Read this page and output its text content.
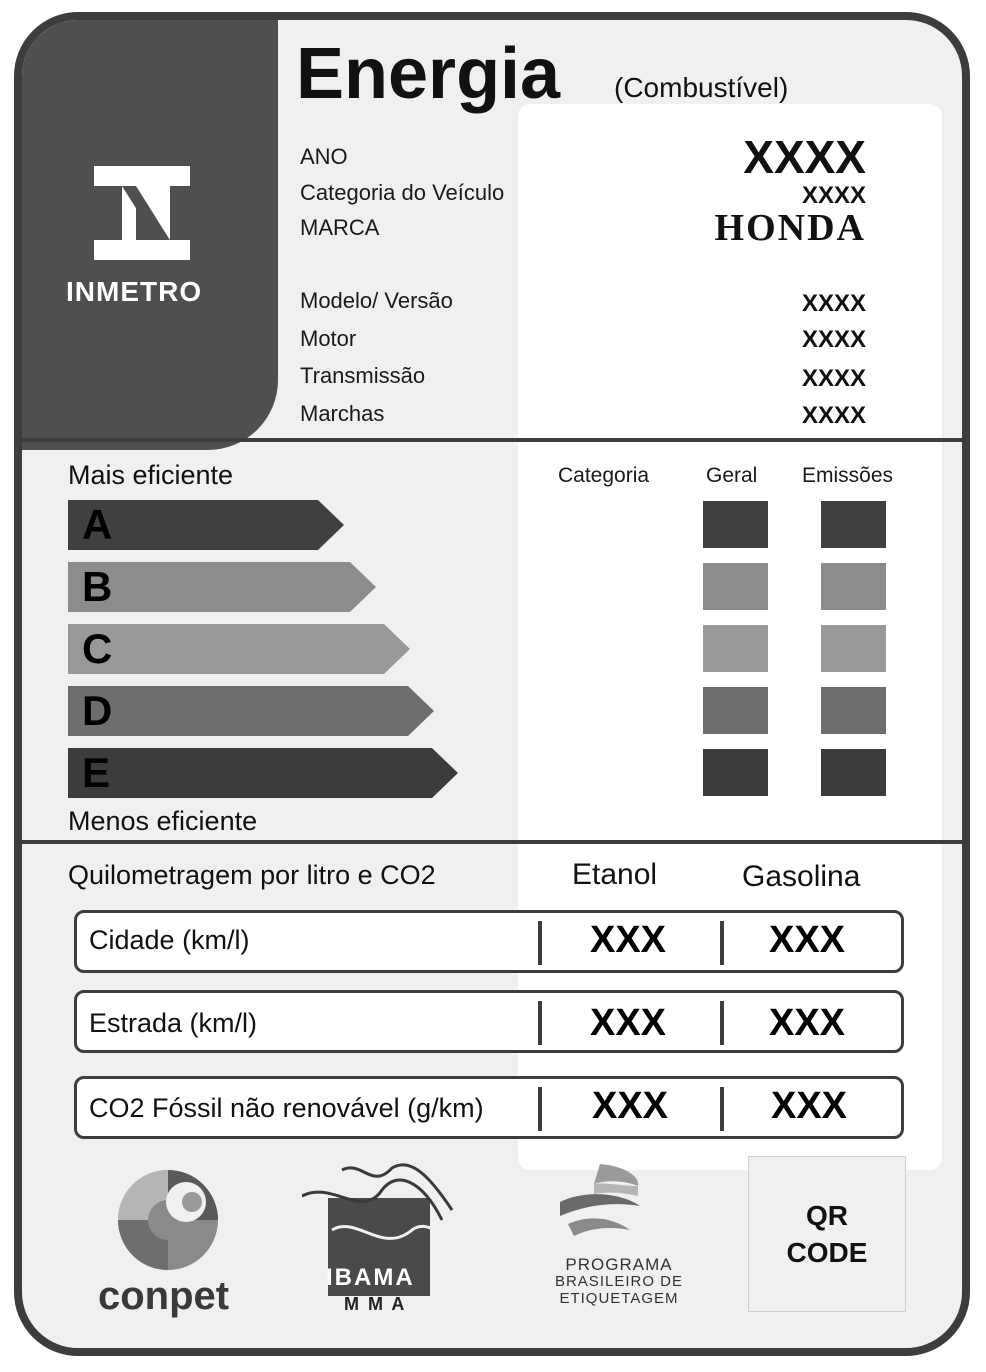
INMETRO
Energia (Combustível)
ANO	XXXX
Categoria do Veículo	XXXX
MARCA	HONDA
Modelo/ Versão	XXXX
Motor	XXXX
Transmissão	XXXX
Marchas	XXXX
Mais eficiente	Categoria	Geral Emissões
A
B
C
D
E
Menos eficiente
Quilometragem por litro e CO2	Etanol	Gasolina
Cidade (km/l)	XXX	XXX
Estrada (km/l)	XXX	XXX
CO2 Fóssil não renovável (g/km)	XXX	XXX
conpet	IBAMA
M M A
PROGRAMA
BRASILEIRO DE
ETIQUETAGEM
QR
CODE
